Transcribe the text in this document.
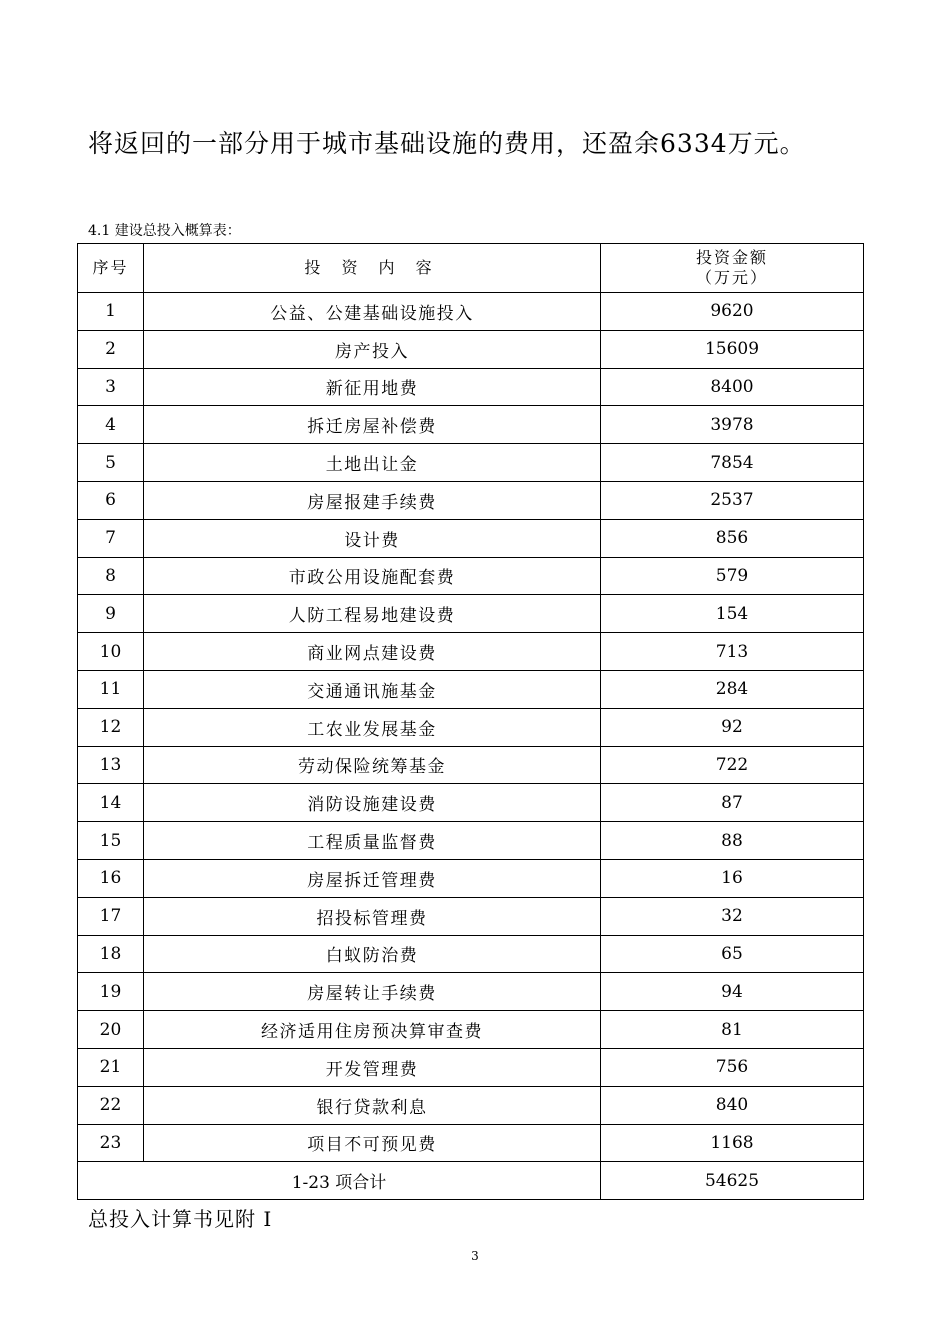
将返回的一部分用于城市基础设施的费用，还盈余6334万元。
4.1 建设总投入概算表：
序号	投 资 内 容	投资金额
（万元）

1	公益、公建基础设施投入	9620
2	房产投入	15609
3	新征用地费	8400
4	拆迁房屋补偿费	3978
5	土地出让金	7854
6	房屋报建手续费	2537
7	设计费	856
8	市政公用设施配套费	579
9	人防工程易地建设费	154
10	商业网点建设费	713
11	交通通讯施基金	284
12	工农业发展基金	92
13	劳动保险统筹基金	722
14	消防设施建设费	87
15	工程质量监督费	88
16	房屋拆迁管理费	16
17	招投标管理费	32
18	白蚁防治费	65
19	房屋转让手续费	94
20	经济适用住房预决算审查费	81
21	开发管理费	756
22	银行贷款利息	840
23	项目不可预见费	1168
1-23 项合计		54625
总投入计算书见附 I
3
